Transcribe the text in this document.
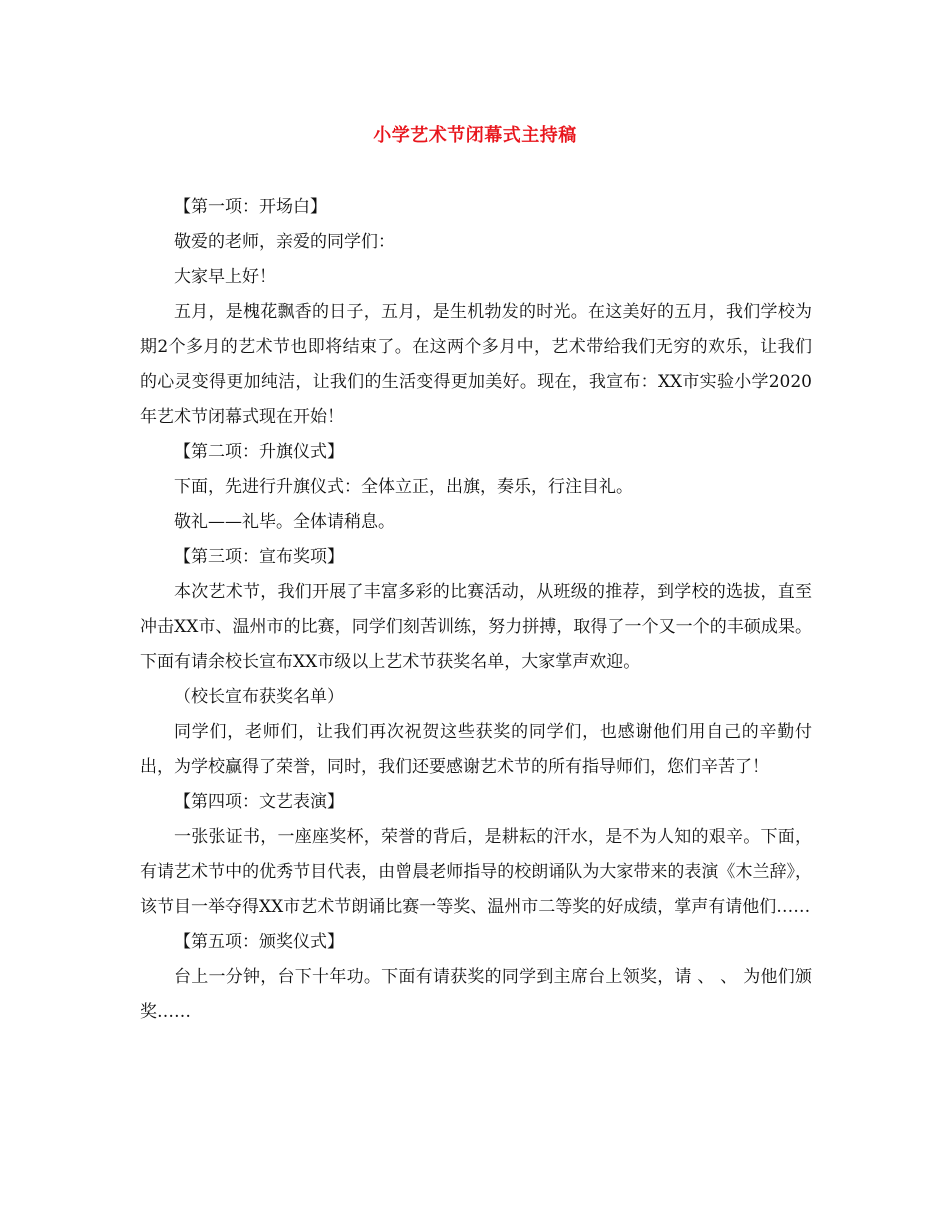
小学艺术节闭幕式主持稿

【第一项：开场白】

敬爱的老师，亲爱的同学们：

大家早上好！

五月，是槐花飘香的日子，五月，是生机勃发的时光。在这美好的五月，我们学校为期2个多月的艺术节也即将结束了。在这两个多月中，艺术带给我们无穷的欢乐，让我们的心灵变得更加纯洁，让我们的生活变得更加美好。现在，我宣布：XX市实验小学2020年艺术节闭幕式现在开始！

【第二项：升旗仪式】

下面，先进行升旗仪式：全体立正，出旗，奏乐，行注目礼。

敬礼——礼毕。全体请稍息。

【第三项：宣布奖项】

本次艺术节，我们开展了丰富多彩的比赛活动，从班级的推荐，到学校的选拔，直至冲击XX市、温州市的比赛，同学们刻苦训练，努力拼搏，取得了一个又一个的丰硕成果。下面有请余校长宣布XX市级以上艺术节获奖名单，大家掌声欢迎。

（校长宣布获奖名单）

同学们，老师们，让我们再次祝贺这些获奖的同学们，也感谢他们用自己的辛勤付出，为学校赢得了荣誉，同时，我们还要感谢艺术节的所有指导师们，您们辛苦了！

【第四项：文艺表演】

一张张证书，一座座奖杯，荣誉的背后，是耕耘的汗水，是不为人知的艰辛。下面，有请艺术节中的优秀节目代表，由曾晨老师指导的校朗诵队为大家带来的表演《木兰辞》，该节目一举夺得XX市艺术节朗诵比赛一等奖、温州市二等奖的好成绩，掌声有请他们……

【第五项：颁奖仪式】

台上一分钟，台下十年功。下面有请获奖的同学到主席台上领奖，请 、 、 为他们颁奖……
